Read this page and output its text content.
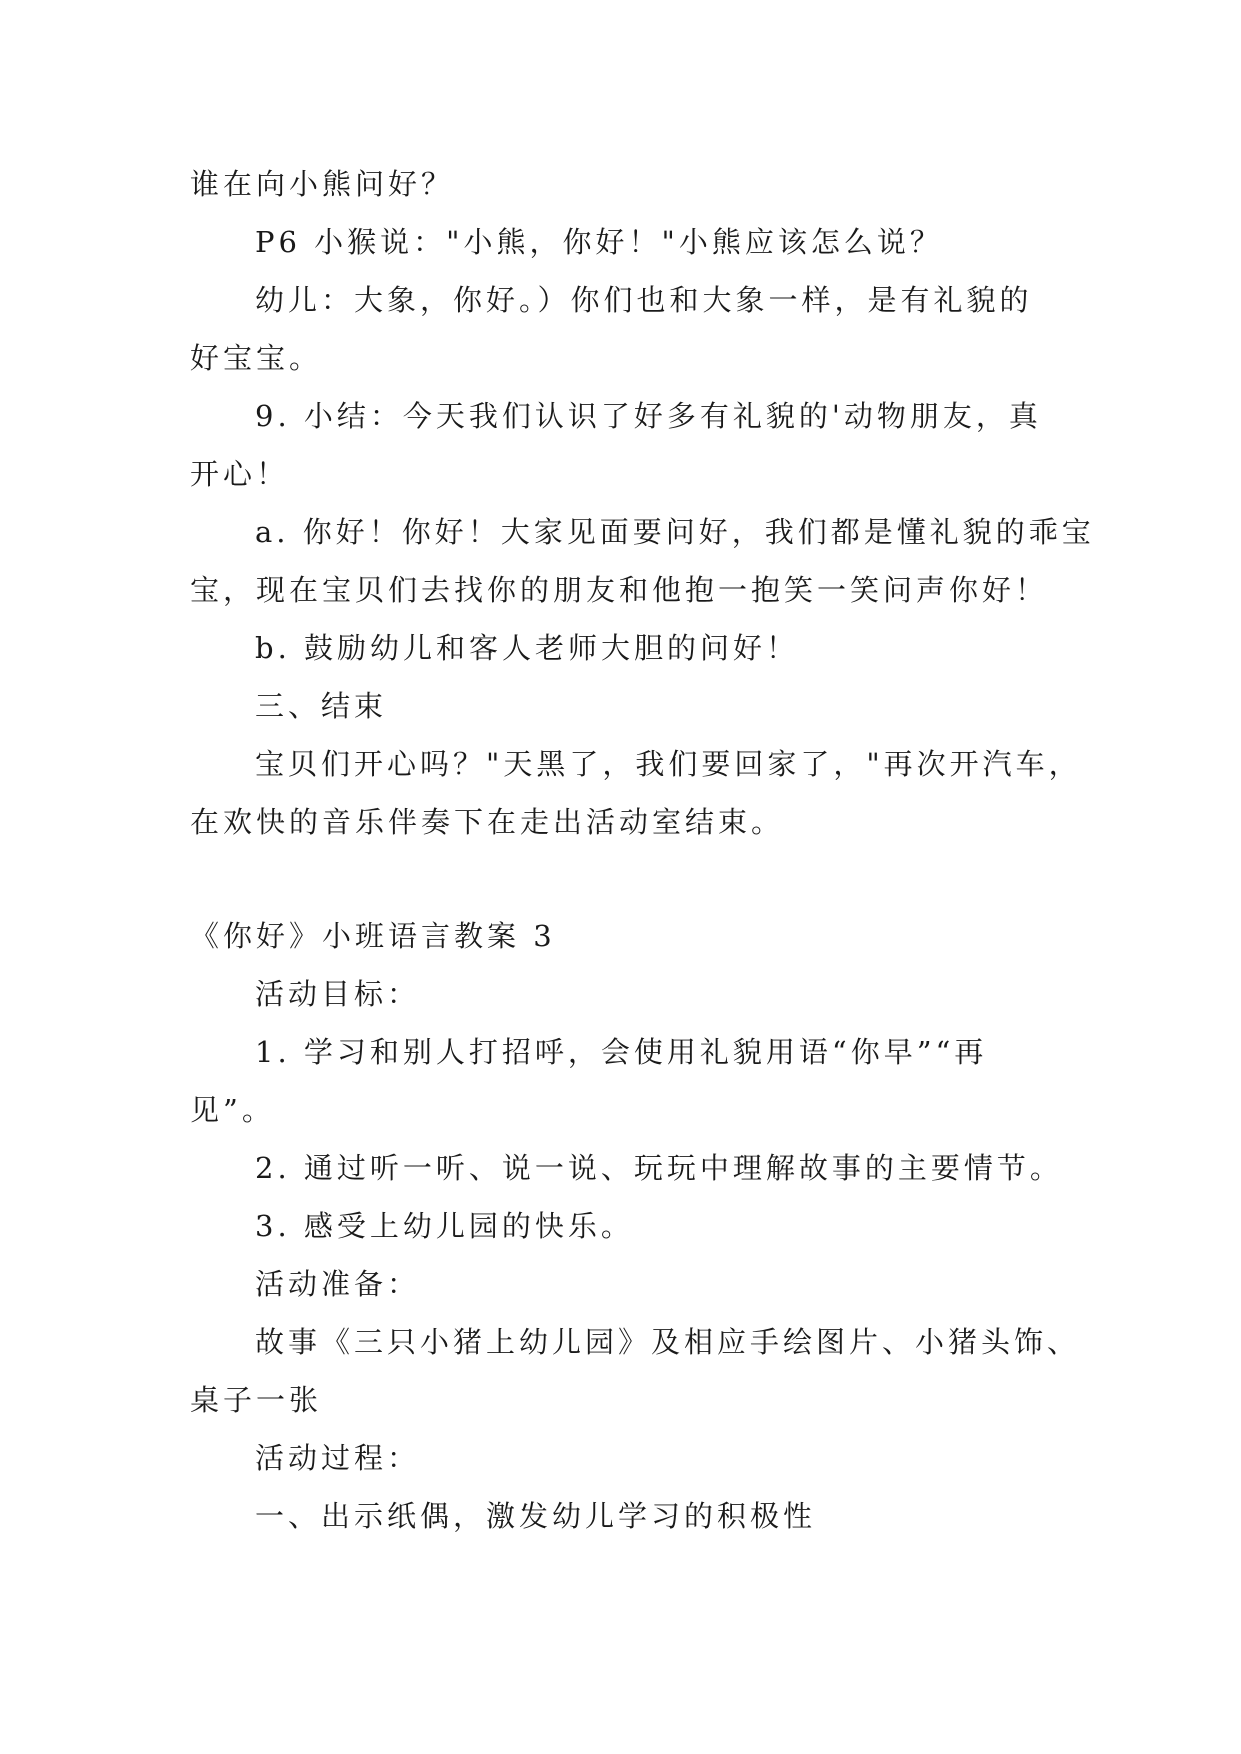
谁在向小熊问好？
P6 小猴说："小熊，你好！"小熊应该怎么说？
幼儿：大象，你好。）你们也和大象一样，是有礼貌的
好宝宝。
9. 小结：今天我们认识了好多有礼貌的'动物朋友，真
开心！
a. 你好！你好！大家见面要问好，我们都是懂礼貌的乖宝
宝，现在宝贝们去找你的朋友和他抱一抱笑一笑问声你好！
b. 鼓励幼儿和客人老师大胆的问好！
三、结束
宝贝们开心吗？"天黑了，我们要回家了，"再次开汽车，
在欢快的音乐伴奏下在走出活动室结束。
《你好》小班语言教案 3
活动目标：
1. 学习和别人打招呼，会使用礼貌用语“你早”“再
见”。
2. 通过听一听、说一说、玩玩中理解故事的主要情节。
3. 感受上幼儿园的快乐。
活动准备：
故事《三只小猪上幼儿园》及相应手绘图片、小猪头饰、
桌子一张
活动过程：
一、出示纸偶，激发幼儿学习的积极性
